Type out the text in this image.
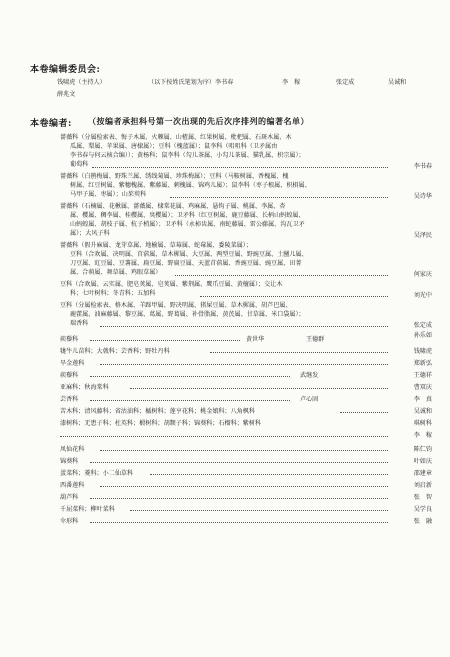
本卷编辑委员会:
钱啸虎（主持人）	（以下按姓氏笔划为序）李书春	李　稼	张定成	吴诚和
薛兆文
本卷编者: （按编者承担科号第一次出现的先后次序排列的编著名单）
蔷薇科（分属检索表、悔子木属、火棘属、山楂属、红果树属、枇杷属、石斑木属、木
瓜属、梨属、苹果属、唐棣属）；豆科（槐蓝属）；鼠李科（咀咀科（卫矛属由
李书春与何云核合编））；黄杨科；鼠李科（勾儿茶属、小勾儿茶属、猫乳属、枳宗属）；
葡萄科	李书春
蔷薇科（白鹃梅属、野珠兰属、绣线菊属、珍珠梅属）；豆科（马鞍树属、香槐属、槐
树属、红豆树属、紫穗槐属、紫藤属、刺槐属、锦鸡儿属）；鼠李科（枣子根属、枳椇属、
马甲子属、枣属）；山茱萸科	吴诗华
蔷薇科（石楠属、花楸属、蔷薇属、棣棠花属、鸡麻属、悬钩子属、桃属、李属、杏
属、樱属、稠李属、桂樱属、臭樱属）；卫矛科（红豆树属、鹿豆藤属、长柄山蚂蝗属、
山蚂蝗属、胡枝子属、杭子梢属）；卫矛科（永柿齿属、南蛇藤属、雷公藤属、沟瓦卫矛
属）；大风子科	吴泽民
蔷薇科（假升麻属、龙芽草属、地榆属、草莓属、蛇莓属、委陵菜属）；
豆科（合欢属、决明属、苜蓿属、草木樨属、大豆属、两型豆属、野豌豆属、土圞儿属、
刀豆属、豇豆属、豆薯属、扁豆属、野扁豆属、天蓝苜蓿属、香豌豆属、豌豆属、田菁
属、合萌属、舞草属、鸡眼草属）	何家庆
豆科（合欢属、云实属、肥皂荚属、皂荚属、紫荆属、鹰爪豆属、黄檀属）；交让木
科；七叶树科；冬青科；五加科	刘光中
豆科（分属检索表、格木属、羊蹄甲属、野决明属、猪屎豆属、草木樨属、胡芦巴属、
鹿藿属、油麻藤属、黎豆属、葛属、野葛属、补骨脂属、黄芪属、甘草属、米口袋属）；
瑞香科	张定成
蒺藜科	黄世华	王德群
孙乐如
牻牛儿苗科；大戟科；芸香科；野牡丹科	钱啸虎
旱金莲科	郑新弘
蒺藜科	武继发	王德祥
亚麻科；秋海棠科	曹双庆
芸香科	卢心固	李　真
苦木科；清风藤科；省沽油科；槭树科；莲亨花科；桃金娘科；八角枫科	吴诚和
漆树科；无患子科；杜英科；椴树科；胡颓子科；锦葵科；石榴科；紫树科	琪树科
李　稼
凤仙花科	陈仁钧
锦葵科	叶如庆
蛋菜科；菱科；小二仙草科	邵建章
西番莲科	刘启新
葫芦科	张　智
千屈菜科；柳叶菜科	吴学良
伞形科	张　融
